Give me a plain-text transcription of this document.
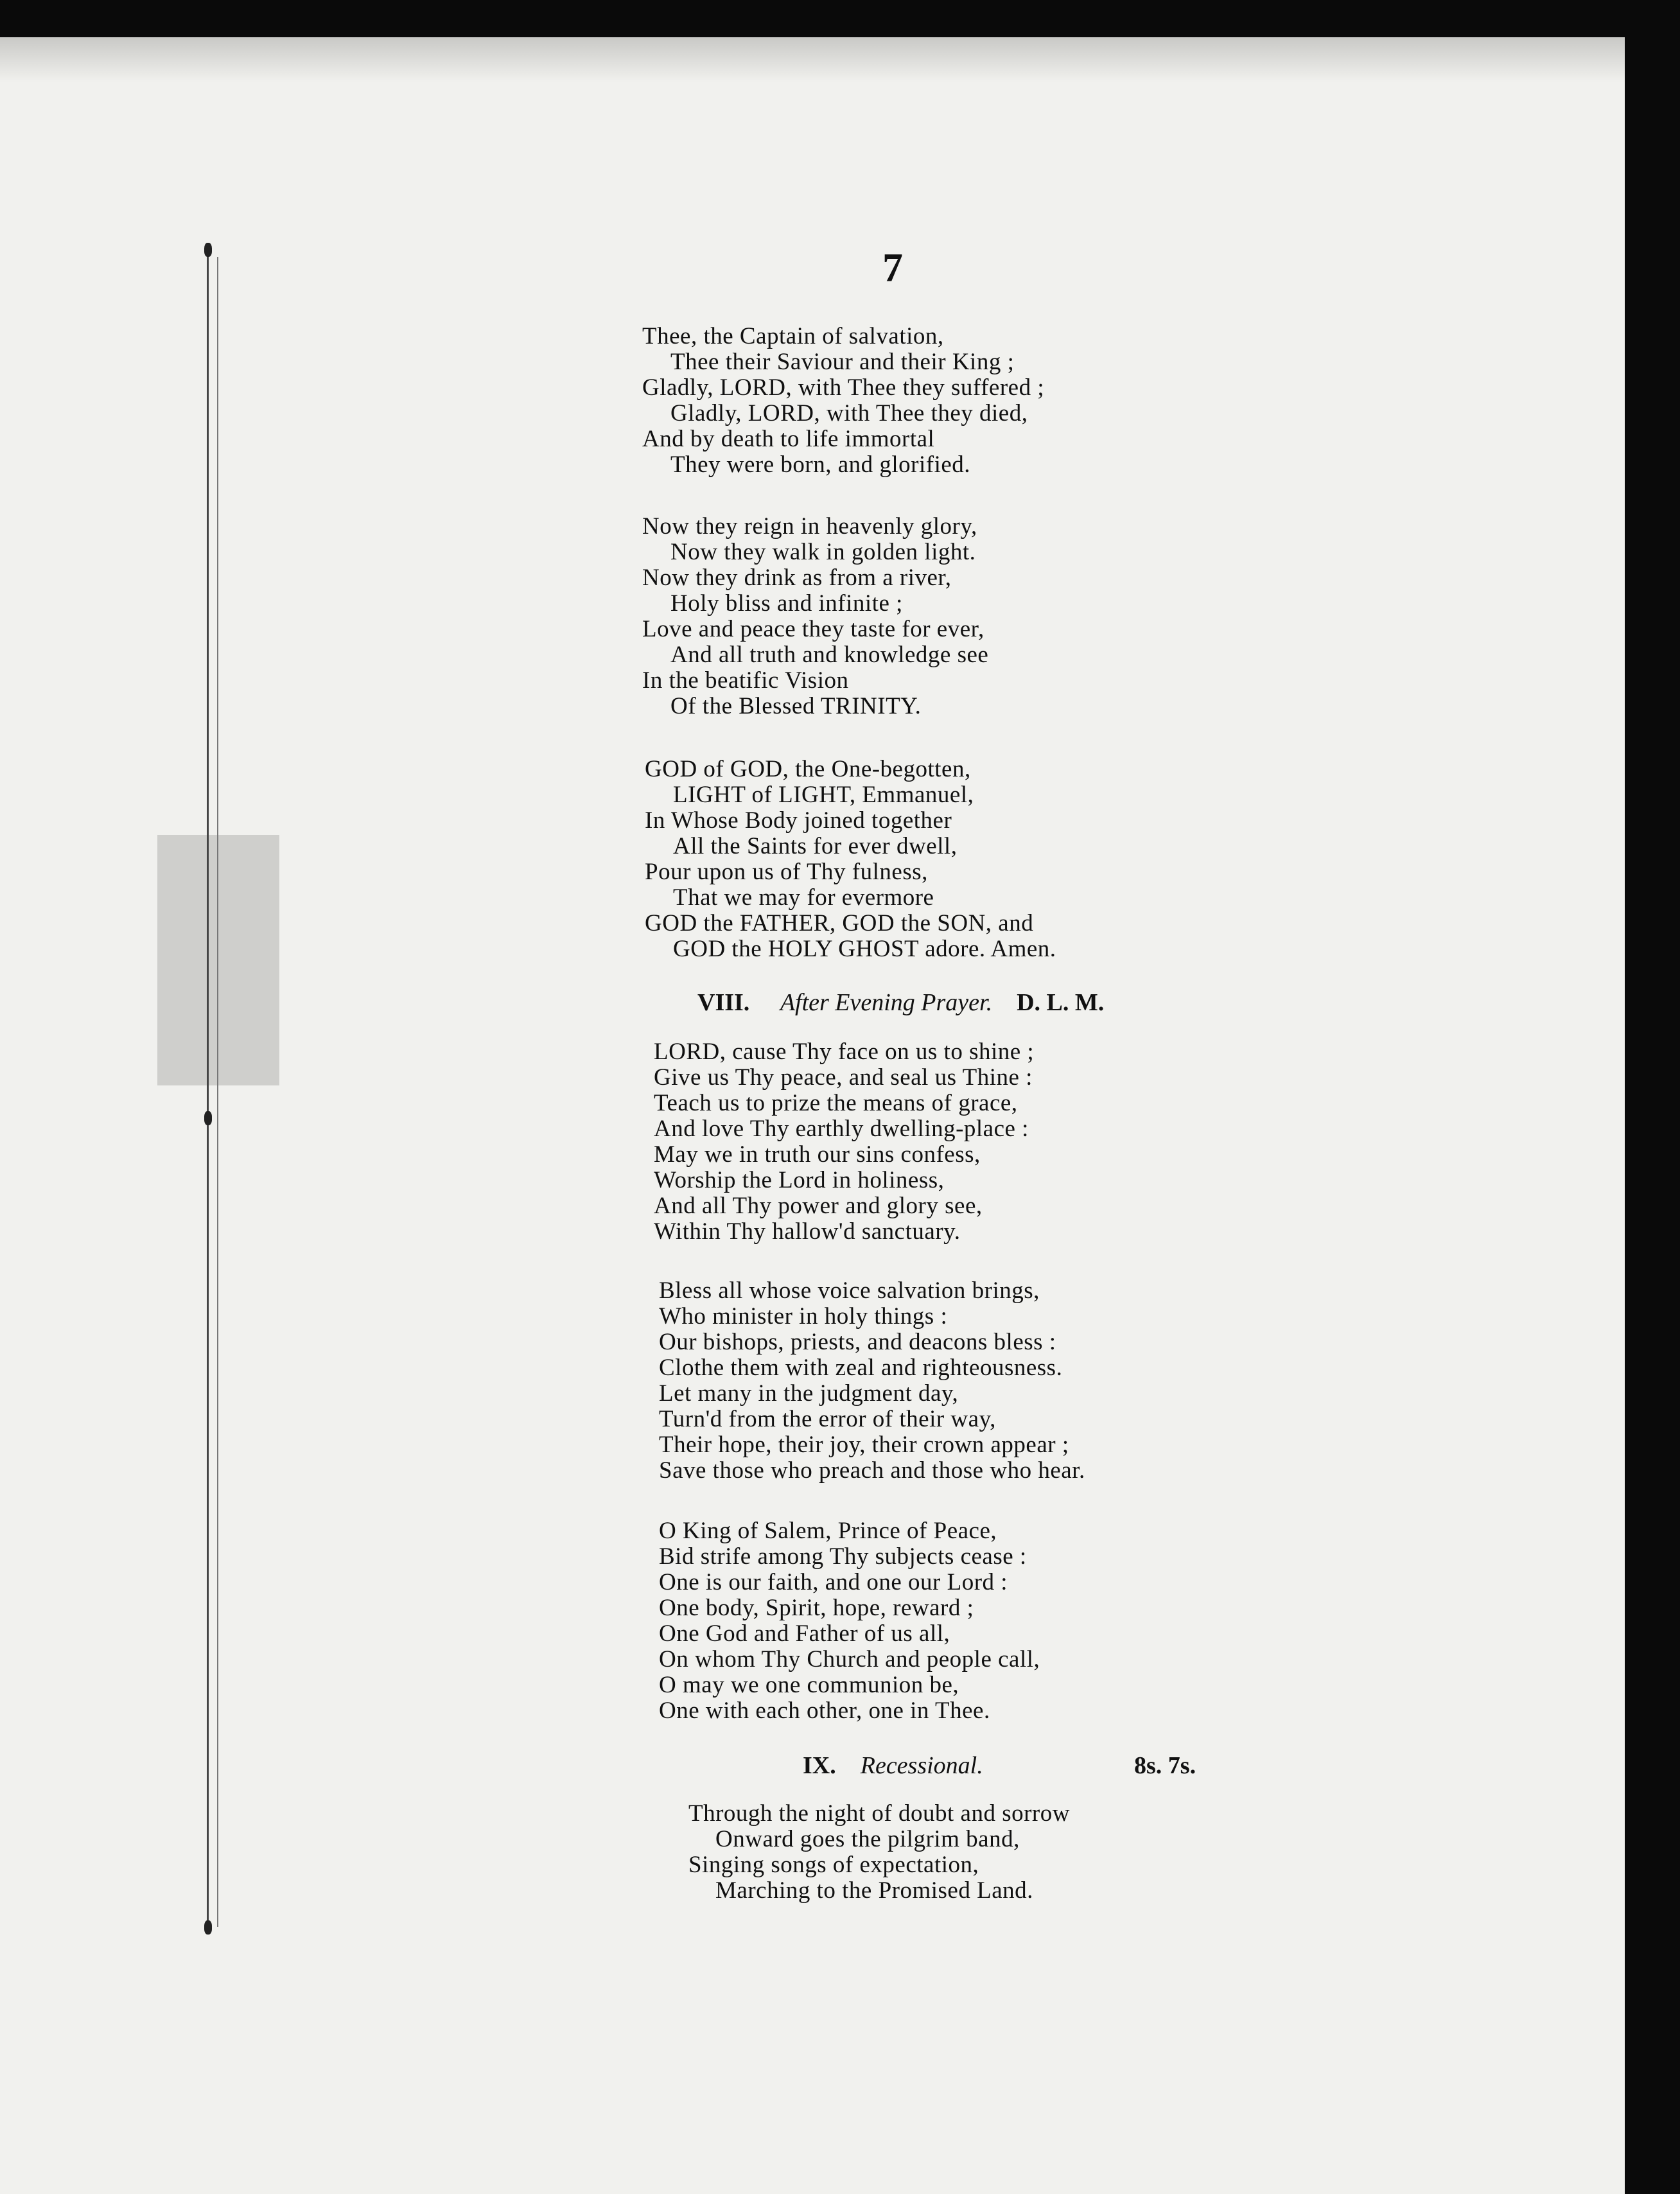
7
Thee, the Captain of salvation,
Thee their Saviour and their King ;
Gladly, LORD, with Thee they suffered ;
Gladly, LORD, with Thee they died,
And by death to life immortal
They were born, and glorified.
Now they reign in heavenly glory,
Now they walk in golden light.
Now they drink as from a river,
Holy bliss and infinite ;
Love and peace they taste for ever,
And all truth and knowledge see
In the beatific Vision
Of the Blessed TRINITY.
GOD of GOD, the One-begotten,
LIGHT of LIGHT, Emmanuel,
In Whose Body joined together
All the Saints for ever dwell,
Pour upon us of Thy fulness,
That we may for evermore
GOD the FATHER, GOD the SON, and
GOD the HOLY GHOST adore. Amen.
VIII. After Evening Prayer. D. L. M.
LORD, cause Thy face on us to shine ;
Give us Thy peace, and seal us Thine :
Teach us to prize the means of grace,
And love Thy earthly dwelling-place :
May we in truth our sins confess,
Worship the Lord in holiness,
And all Thy power and glory see,
Within Thy hallow'd sanctuary.
Bless all whose voice salvation brings,
Who minister in holy things :
Our bishops, priests, and deacons bless :
Clothe them with zeal and righteousness.
Let many in the judgment day,
Turn'd from the error of their way,
Their hope, their joy, their crown appear ;
Save those who preach and those who hear.
O King of Salem, Prince of Peace,
Bid strife among Thy subjects cease :
One is our faith, and one our Lord :
One body, Spirit, hope, reward ;
One God and Father of us all,
On whom Thy Church and people call,
O may we one communion be,
One with each other, one in Thee.
IX. Recessional.	8s. 7s.
Through the night of doubt and sorrow
Onward goes the pilgrim band,
Singing songs of expectation,
Marching to the Promised Land.
